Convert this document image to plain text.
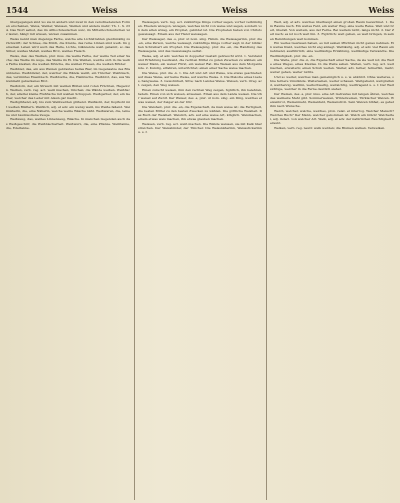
1544	Weiss	Weiss	Weiss

übergegangen sind wo sie in andern und zwar in den verschiedensten Formen erscheinen, Weiss, Weißer, Weissen, Weißen und andere mehr; Th. 1. S. 234. Das Wort selbst, das im Althochdeutschen uuiz, im Mittelhochdeutschen wiz lautet, hängt mit wissen, wizzen zusammen.

Weiss nennt man diejenige Farbe, welche alle Lichtstrahlen gleichmäßig zurückwirft; der Schnee, die Milch, die Kreide, das reine Linnen sind weiß. Im gemeinen Leben wird auch das Helle, Lichte, Glänzende weiß genannt, so das Silber, weißes Metall, weißes Brot, weißes Fleisch.

Weiss, das; des Weißen, plur. inus. die weiße Farbe, der weiße Teil einer Sache; das Weiße im Auge, das Weiße im Ei. Die Weißen, welche sich in die weiße Farbe kleiden; die weißen Mönche, die weißen Frauen, die weißen Brüder.

Weißbier, das, ein aus Weizen gebrautes helles Bier, im Gegensatze des Braunbieres. Weißbinder, der, welcher die Wände weißt, ein Tüncher. Weißblech, das, verzinntes Eisenblech. Weißbuche, die, Hainbuche. Weißbrot, das, aus Weizenmehl gebackenes Brot.

Weißdorn, der, ein Strauch mit weißen Blüten und roten Früchten, Hagedorn. Weißen, verb. reg. act. weiß machen, tünchen; die Wände weißen. Weißfisch, der, allerlei kleine Flußfische mit weißen Schuppen. Weißgerber, der, ein Gerber, welcher das Leder mit Alaun gar macht.

Weißglühend, adj. bis zum Weißwerden glühend. Weißkohl, der, Kopfkohl mit weißen Blättern. Weißlich, adj. et adv. ein wenig weiß, ins Weiße fallend. Weißnäherin, die, eine Näherin, welche weiße Wäsche näht. Weißwaren, die, leinene und baumwollene Zeuge.

Weißzeug, das, weißes Linnenzeug, Wäsche. In manchen Gegenden auch das Weißgeschirr, die Weißblecharbeit. Weißwurz, die, eine Pflanze. Weißtanne, die, Edeltanne.

Weissagen, verb. reg. act. zukünftige Dinge vorher sagen, vorher verkündigen. Ehedem wizagon, wizagen, welches nicht von weise und sagen, sondern von dem alten wizag, ein Prophet, gebildet ist. Die Propheten haben von Christo geweissagt. Einem aus der Hand weissagen.

Der Weissager, des -s, plur. ut nom. sing. Fämin. die Weissagerinn, plur. die -en, eine Person, welche weissagt, zukünftige Dinge vorher sagt; in der biblischen Schreibart ein Prophet. Die Weissagung, plur. die -en, die Handlung des Weissagens, und das Geweissagte selbst.

Weise, adj. et adv. welches in doppelter Gestalt gebraucht wird. 1. Verstand und Erfahrung besitzend, die rechten Mittel zu guten Zwecken zu wählen; ein weiser Mann, ein weiser Fürst, ein weiser Rat. Die Weisen aus dem Morgenlande. 2. Kundig, erfahren, unterrichtet; einen einer Sache weise machen.

Die Weise, plur. die -n. 1. Die Art und Art und Weise, wie etwas geschiehet; auf diese Weise, auf keine Weise, auf welche Weise. 2. Die Melodie eines Liedes, Sangweise. 3. Gewohnheit, Sitte; nach Landes Weise. Weisen, verb. irreg. act. zeigen, den Weg weisen.

Einen zurecht weisen, ihm den rechten Weg zeigen, figürlich, ihn belehren, tadeln. Einen von sich weisen, abweisen. Einen aus dem Lande weisen. Die Uhr weiset auf Zwölf. Der Weiser, des -s, plur. ut nom. sing. ein Ding, welches etwas weiset, der Zeiger an der Uhr.

Die Weisheit, plur. die -en, die Eigenschaft, da man weise ist; die Fertigkeit, die besten Mittel zu den besten Zwecken zu wählen. Die göttliche Weisheit. Das Buch der Weisheit. Weislich, adv. auf eine weise Art, klüglich. Weismachen, einem etwas weis machen, ihn etwas glauben machen.

Weissen, verb. reg. act. weiß machen. Die Wände weissen, sie mit Kalk überstreichen. Der Weissbinder, der Tüncher. Die Weissnäherinn, Weissstickerinn u. s. f.

Weit, adj. et adv. welches überhaupt einen großen Raum bezeichnet. 1. Dem Raume nach. Ein weites Feld, ein weiter Weg, eine weite Reise. Weit und breit, überall. Von weitem, aus der Ferne. Bei weitem nicht, lange nicht. 2. Der Zeit nach; es ist noch weit hin. 3. Figürlich; weit gehen, es weit bringen, in seinen Bemühungen weit kommen.

Ein weites Gewissen haben, es mit seinen Pflichten nicht genau nehmen. Ein weites Kleid, welches nicht eng anliegt. Weitläufig, adj. et adv. viel Raum einnehmend, ausführlich; eine weitläufige Erzählung, weitläufige Verwandte. Die Weitläufigkeit, plur. die -en.

Die Weite, plur. die -n, die Eigenschaft einer Sache, da sie weit ist; die Weite eines Weges, eines Kleides. In die Weite sehen. Weiten, verb. reg. act. weit machen, erweitern; einen Schuh weiten. Weiter, adv. ferner, fernerhin, mehr; weiter gehen, weiter nichts.

Und so weiter, welches man gemeiniglich u. s. w. abkürzt. Ohne weiteres, ohne fernere Umstände. Weitersehen, weiter schauen. Weitgehend, weitgreifend, weitherzig, weithin, weitschweifig, weitsichtig, weittragend u. s. f. Der Weitsichtige, welcher in die Ferne deutlich siehet.

Der Weizen, des -s, plur. inus. eine Art Getreides mit langen Ähren, welches das weißeste Mehl gibt. Sommerweizen, Winterweizen, Türkischer Weizen. Weizenbrot, Weizenmehl, Weizenfeld, Weizenstroh. Sein Weizen blühet, es gehet ihm nach Wunsche.

Welch, welcher, welche, welches, pron. relat. et interrog. Welcher Mensch? Welches Buch? Der Mann, welcher gekommen ist. Welch ein Glück! Welcherlei, adj. indecl. von welcher Art. Welk, adj. et adv. der natürlichen Feuchtigkeit beraubt.

Welken, verb. reg. neutr. welk werden; die Blumen welken. Verwelken.
